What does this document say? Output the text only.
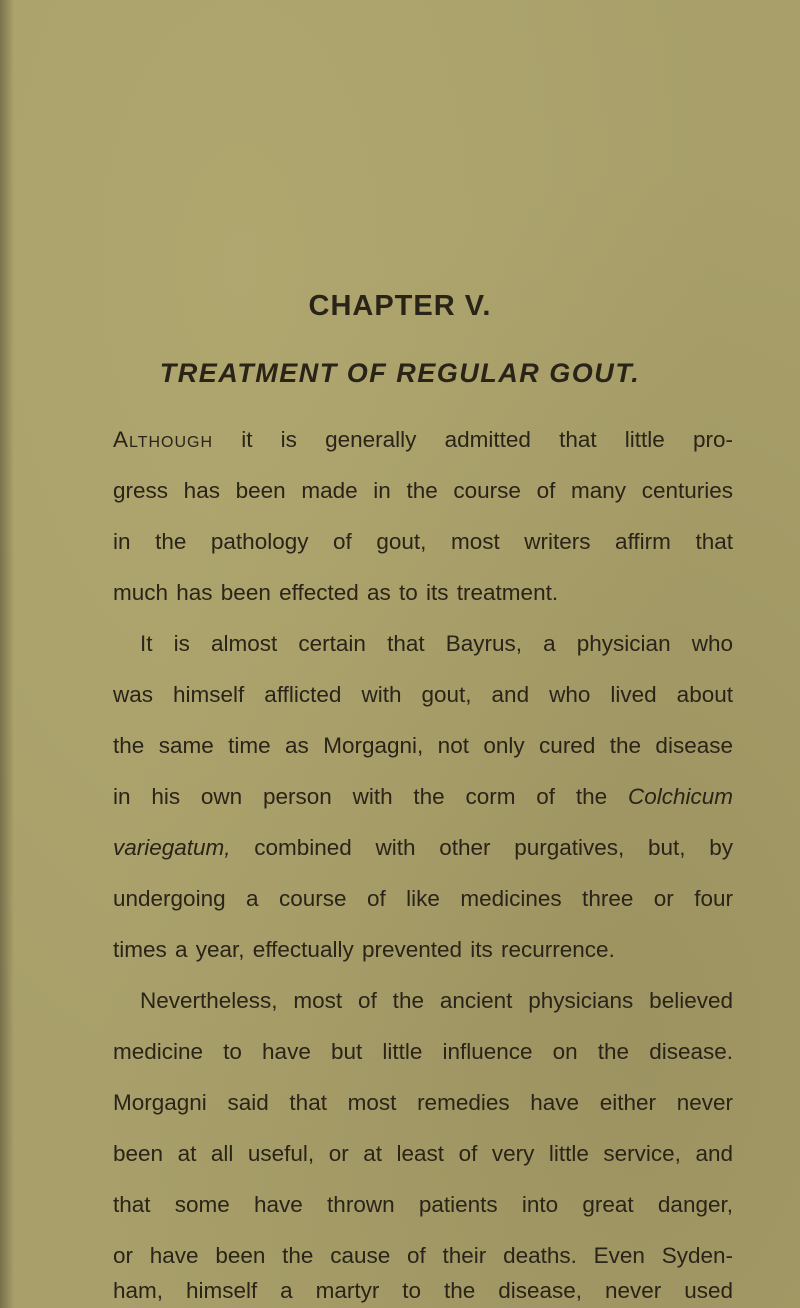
CHAPTER V.
TREATMENT OF REGULAR GOUT.
Although it is generally admitted that little pro-
gress has been made in the course of many centuries
in the pathology of gout, most writers affirm that
much has been effected as to its treatment.
It is almost certain that Bayrus, a physician who
was himself afflicted with gout, and who lived about
the same time as Morgagni, not only cured the disease
in his own person with the corm of the Colchicum
variegatum, combined with other purgatives, but, by
undergoing a course of like medicines three or four
times a year, effectually prevented its recurrence.
Nevertheless, most of the ancient physicians believed
medicine to have but little influence on the disease.
Morgagni said that most remedies have either never
been at all useful, or at least of very little service, and
that some have thrown patients into great danger,
or have been the cause of their deaths. Even Syden-
ham, himself a martyr to the disease, never used
